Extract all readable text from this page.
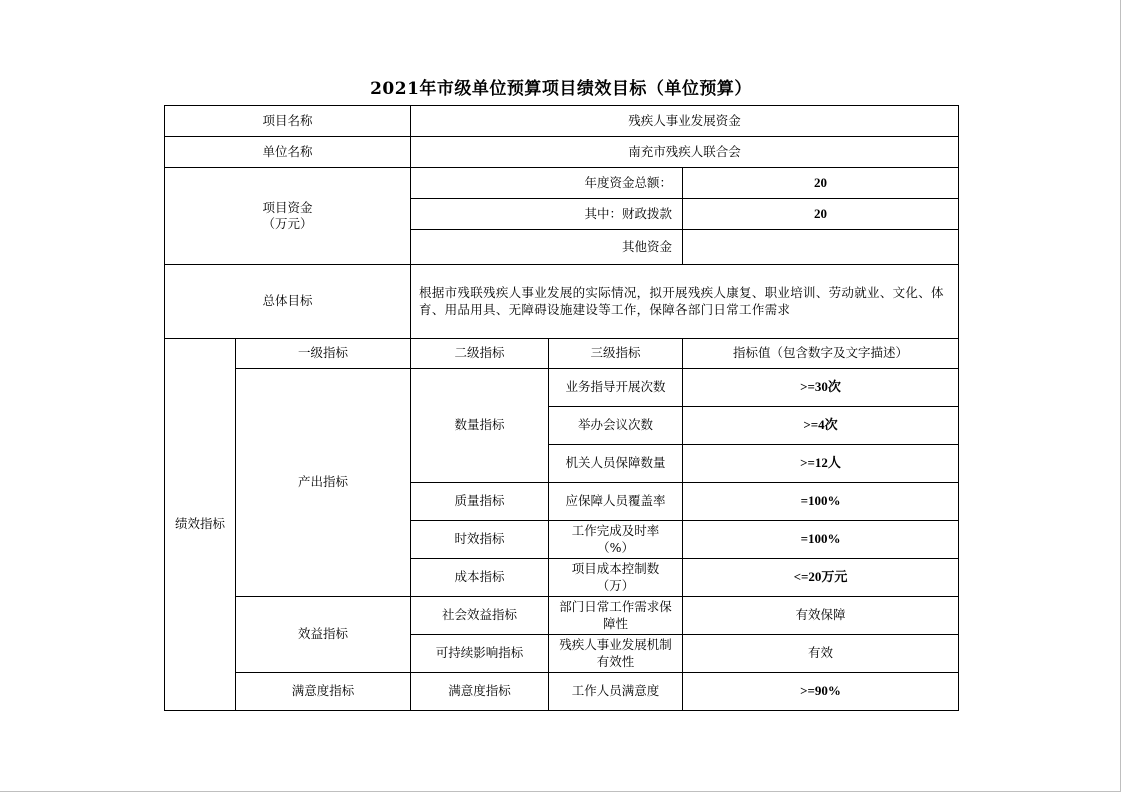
2021年市级单位预算项目绩效目标（单位预算）
项目名称		残疾人事业发展资金		
单位名称		南充市残疾人联合会		

项目资金
（万元）		年度资金总额：		20
		其中：财政拨款		20
		其他资金		
总体目标		根据市残联残疾人事业发展的实际情况，拟开展残疾人康复、职业培训、劳动就业、文化、体育、用品用具、无障碍设施建设等工作，保障各部门日常工作需求		
绩效指标	一级指标	二级指标	三级指标	指标值（包含数字及文字描述）
	产出指标	数量指标	业务指导开展次数	>=30次
			举办会议次数	>=4次
			机关人员保障数量	>=12人
		质量指标	应保障人员覆盖率	=100%
		时效指标	工作完成及时率（%）	=100%
		成本指标	项目成本控制数（万）	<=20万元
	效益指标	社会效益指标	部门日常工作需求保障性	有效保障
		可持续影响指标	残疾人事业发展机制有效性	有效
	满意度指标	满意度指标	工作人员满意度	>=90%
